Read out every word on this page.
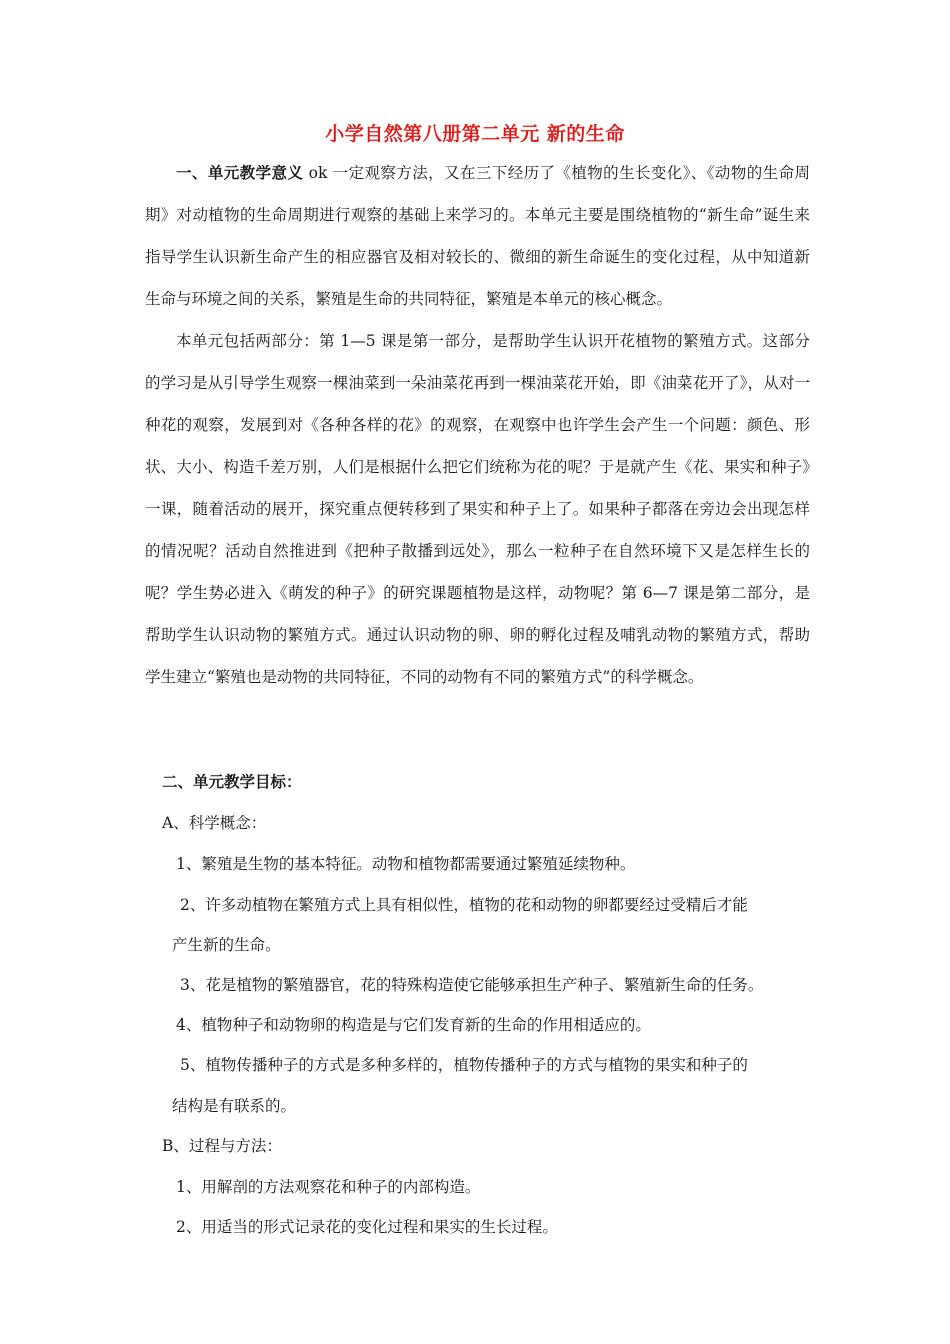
小学自然第八册第二单元 新的生命

一、单元教学意义 ok 一定观察方法，又在三下经历了《植物的生长变化》、《动物的生命周期》对动植物的生命周期进行观察的基础上来学习的。本单元主要是围绕植物的“新生命”诞生来指导学生认识新生命产生的相应器官及相对较长的、微细的新生命诞生的变化过程，从中知道新生命与环境之间的关系，繁殖是生命的共同特征，繁殖是本单元的核心概念。

本单元包括两部分：第 1—5 课是第一部分，是帮助学生认识开花植物的繁殖方式。这部分的学习是从引导学生观察一棵油菜到一朵油菜花再到一棵油菜花开始，即《油菜花开了》，从对一种花的观察，发展到对《各种各样的花》的观察，在观察中也许学生会产生一个问题：颜色、形状、大小、构造千差万别，人们是根据什么把它们统称为花的呢？于是就产生《花、果实和种子》一课，随着活动的展开，探究重点便转移到了果实和种子上了。如果种子都落在旁边会出现怎样的情况呢？活动自然推进到《把种子散播到远处》，那么一粒种子在自然环境下又是怎样生长的呢？学生势必进入《萌发的种子》的研究课题植物是这样，动物呢？第 6—7 课是第二部分，是帮助学生认识动物的繁殖方式。通过认识动物的卵、卵的孵化过程及哺乳动物的繁殖方式，帮助学生建立“繁殖也是动物的共同特征，不同的动物有不同的繁殖方式”的科学概念。

二、单元教学目标：
A、科学概念：
1、繁殖是生物的基本特征。动物和植物都需要通过繁殖延续物种。
2、许多动植物在繁殖方式上具有相似性，植物的花和动物的卵都要经过受精后才能
产生新的生命。
3、花是植物的繁殖器官，花的特殊构造使它能够承担生产种子、繁殖新生命的任务。
4、植物种子和动物卵的构造是与它们发育新的生命的作用相适应的。
5、植物传播种子的方式是多种多样的，植物传播种子的方式与植物的果实和种子的
结构是有联系的。
B、过程与方法：
1、用解剖的方法观察花和种子的内部构造。
2、用适当的形式记录花的变化过程和果实的生长过程。
